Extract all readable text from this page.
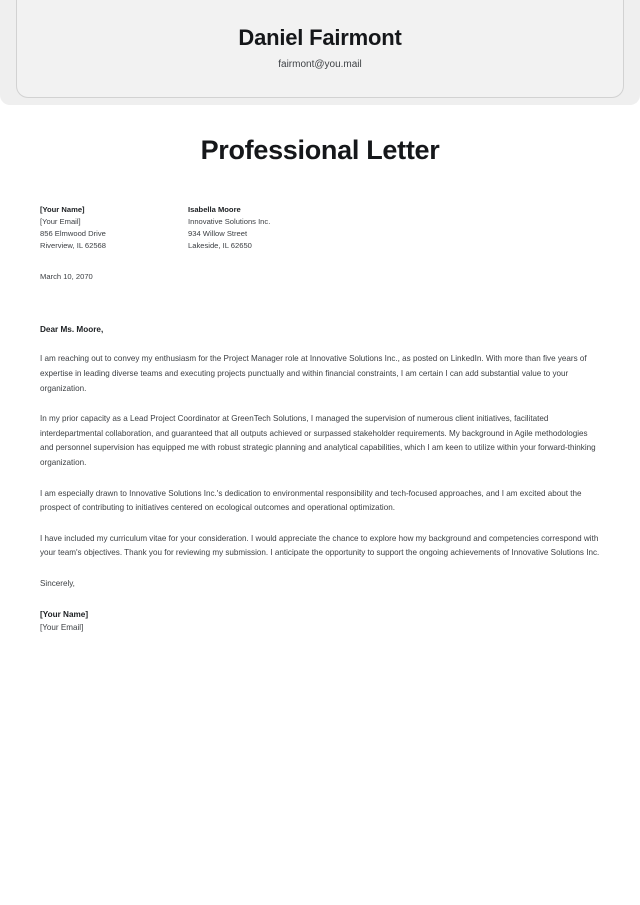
Daniel Fairmont
fairmont@you.mail
Professional Letter
[Your Name]
[Your Email]
856 Elmwood Drive
Riverview, IL 62568
Isabella Moore
Innovative Solutions Inc.
934 Willow Street
Lakeside, IL 62650
March 10, 2070
Dear Ms. Moore,

I am reaching out to convey my enthusiasm for the Project Manager role at Innovative Solutions Inc., as posted on LinkedIn. With more than five years of expertise in leading diverse teams and executing projects punctually and within financial constraints, I am certain I can add substantial value to your organization.

In my prior capacity as a Lead Project Coordinator at GreenTech Solutions, I managed the supervision of numerous client initiatives, facilitated interdepartmental collaboration, and guaranteed that all outputs achieved or surpassed stakeholder requirements. My background in Agile methodologies and personnel supervision has equipped me with robust strategic planning and analytical capabilities, which I am keen to utilize within your forward-thinking organization.

I am especially drawn to Innovative Solutions Inc.'s dedication to environmental responsibility and tech-focused approaches, and I am excited about the prospect of contributing to initiatives centered on ecological outcomes and operational optimization.

I have included my curriculum vitae for your consideration. I would appreciate the chance to explore how my background and competencies correspond with your team's objectives. Thank you for reviewing my submission. I anticipate the opportunity to support the ongoing achievements of Innovative Solutions Inc.

Sincerely,
[Your Name]
[Your Email]
